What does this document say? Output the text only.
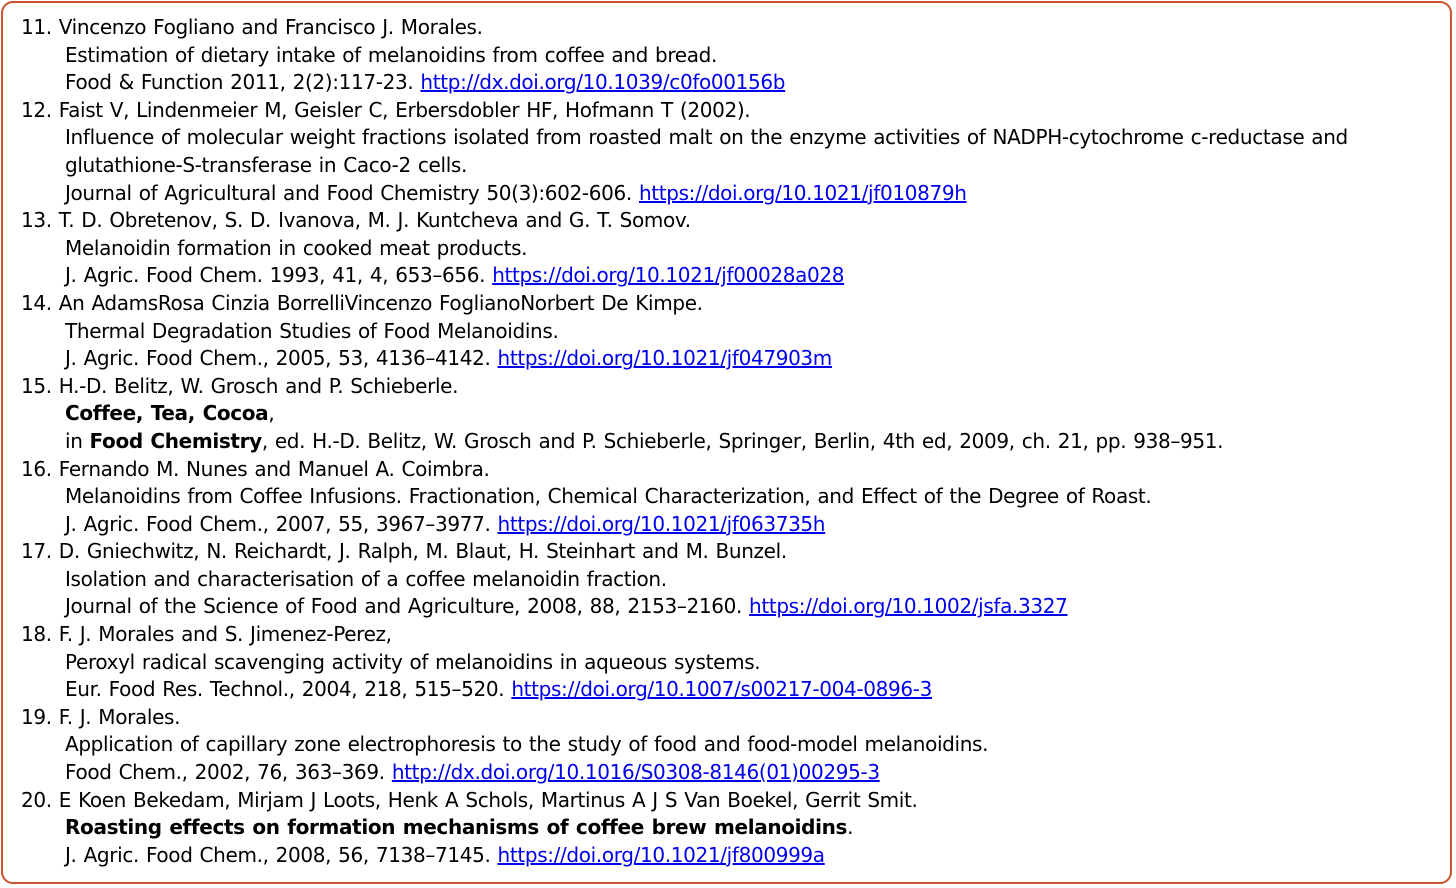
11. Vincenzo Fogliano and Francisco J. Morales.
Estimation of dietary intake of melanoidins from coffee and bread.
Food & Function 2011, 2(2):117-23. http://dx.doi.org/10.1039/c0fo00156b
12. Faist V, Lindenmeier M, Geisler C, Erbersdobler HF, Hofmann T (2002).
Influence of molecular weight fractions isolated from roasted malt on the enzyme activities of NADPH-cytochrome c-reductase and glutathione-S-transferase in Caco-2 cells.
Journal of Agricultural and Food Chemistry 50(3):602-606. https://doi.org/10.1021/jf010879h
13. T. D. Obretenov, S. D. Ivanova, M. J. Kuntcheva and G. T. Somov.
Melanoidin formation in cooked meat products.
J. Agric. Food Chem. 1993, 41, 4, 653–656. https://doi.org/10.1021/jf00028a028
14. An AdamsRosa Cinzia BorrelliVincenzo FoglianoNorbert De Kimpe.
Thermal Degradation Studies of Food Melanoidins.
J. Agric. Food Chem., 2005, 53, 4136–4142. https://doi.org/10.1021/jf047903m
15. H.-D. Belitz, W. Grosch and P. Schieberle.
Coffee, Tea, Cocoa,
in Food Chemistry, ed. H.-D. Belitz, W. Grosch and P. Schieberle, Springer, Berlin, 4th ed, 2009, ch. 21, pp. 938–951.
16. Fernando M. Nunes and Manuel A. Coimbra.
Melanoidins from Coffee Infusions. Fractionation, Chemical Characterization, and Effect of the Degree of Roast.
J. Agric. Food Chem., 2007, 55, 3967–3977. https://doi.org/10.1021/jf063735h
17. D. Gniechwitz, N. Reichardt, J. Ralph, M. Blaut, H. Steinhart and M. Bunzel.
Isolation and characterisation of a coffee melanoidin fraction.
Journal of the Science of Food and Agriculture, 2008, 88, 2153–2160. https://doi.org/10.1002/jsfa.3327
18. F. J. Morales and S. Jimenez-Perez,
Peroxyl radical scavenging activity of melanoidins in aqueous systems.
Eur. Food Res. Technol., 2004, 218, 515–520. https://doi.org/10.1007/s00217-004-0896-3
19. F. J. Morales.
Application of capillary zone electrophoresis to the study of food and food-model melanoidins.
Food Chem., 2002, 76, 363–369. http://dx.doi.org/10.1016/S0308-8146(01)00295-3
20. E Koen Bekedam, Mirjam J Loots, Henk A Schols, Martinus A J S Van Boekel, Gerrit Smit.
Roasting effects on formation mechanisms of coffee brew melanoidins.
J. Agric. Food Chem., 2008, 56, 7138–7145. https://doi.org/10.1021/jf800999a
